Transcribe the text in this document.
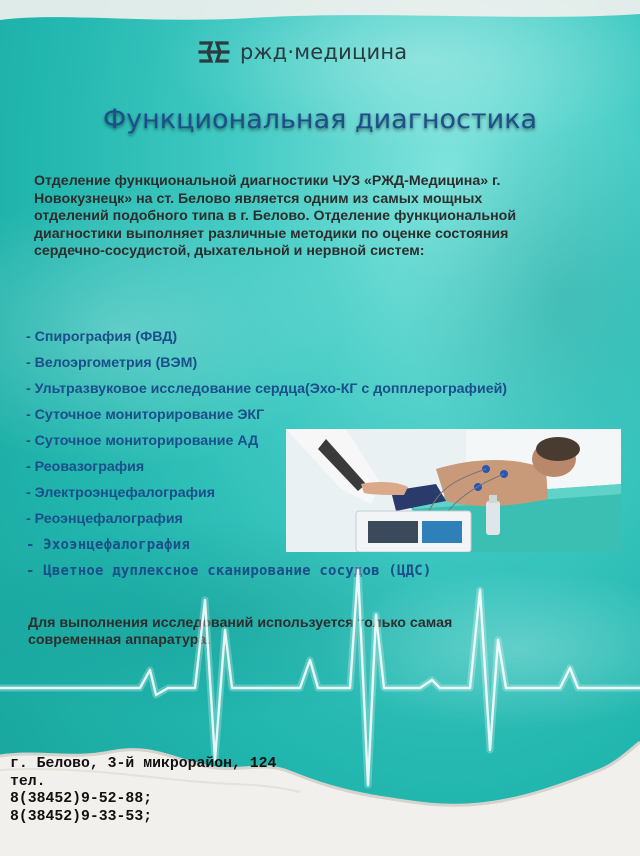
ржд·медицина
Функциональная диагностика
Отделение функциональной диагностики ЧУЗ «РЖД-Медицина» г. Новокузнецк» на ст. Белово является одним из самых мощных отделений подобного типа в г. Белово. Отделение функциональной диагностики выполняет различные методики по оценке состояния сердечно-сосудистой, дыхательной и нервной систем:
- Спирография (ФВД)
- Велоэргометрия (ВЭМ)
- Ультразвуковое исследование сердца(Эхо-КГ с допплерографией)
- Суточное мониторирование ЭКГ
- Суточное мониторирование АД
- Реовазография
- Электроэнцефалография
- Реоэнцефалография
- Эхоэнцефалография
- Цветное дуплексное сканирование сосудов (ЦДС)
Для выполнения исследований используется только самая современная аппаратура.
г. Белово, 3-й микрорайон, 124
тел.
8(38452)9-52-88;
8(38452)9-33-53;
